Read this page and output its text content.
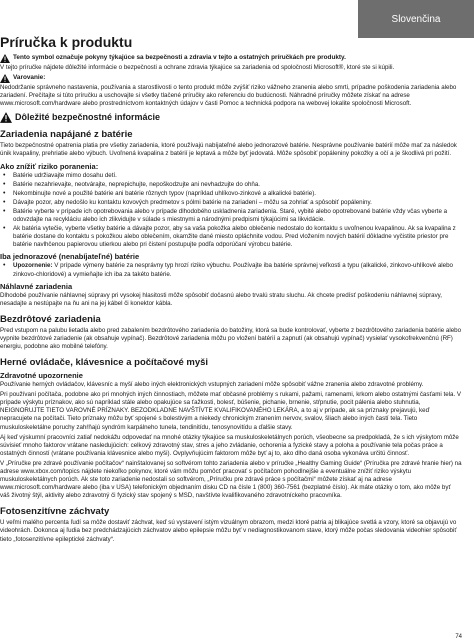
Slovenčina
Príručka k produktu
Tento symbol označuje pokyny týkajúce sa bezpečnosti a zdravia v tejto a ostatných príručkách pre produkty.

V tejto príručke nájdete dôležité informácie o bezpečnosti a ochrane zdravia týkajúce sa zariadenia od spoločnosti Microsoft®, ktoré ste si kúpili.

Varovanie:

Nedodržanie správneho nastavenia, používania a starostlivosti o tento produkt môže zvýšiť riziko vážneho zranenia alebo smrti, prípadne poškodenia zariadenia alebo zariadení. Prečítajte si túto príručku a uschovajte si všetky tlačené príručky ako referenciu do budúcnosti. Náhradné príručky môžete získať na adrese www.microsoft.com/hardware alebo prostredníctvom kontaktných údajov v časti Pomoc a technická podpora na webovej lokalite spoločnosti Microsoft.

Dôležité bezpečnostné informácie
Zariadenia napájané z batérie

Tieto bezpečnostné opatrenia platia pre všetky zariadenia, ktoré používajú nabíjateľné alebo jednorazové batérie. Nesprávne používanie batérií môže mať za následok únik kvapaliny, prehriatie alebo výbuch. Uvoľnená kvapalina z batérií je leptavá a môže byť jedovatá. Môže spôsobiť popáleniny pokožky a očí a je škodlivá pri požití.

Ako znížiť riziko poranenia:
• Batérie udržiavajte mimo dosahu detí.
• Batérie nezahrievajte, neotvárajte, neprepichujte, nepoškodzujte ani nevhadzujte do ohňa.
• Nekombinujte nové a použité batérie ani batérie rôznych typov (napríklad uhlíkovo-zinkové a alkalické batérie).
• Dávajte pozor, aby nedošlo ku kontaktu kovových predmetov s pólmi batérie na zariadení – môžu sa zohriať a spôsobiť popáleniny.
• Batérie vyberte v prípade ich opotrebovania alebo v prípade dlhodobého uskladnenia zariadenia. Staré, vybité alebo opotrebované batérie vždy včas vyberte a odovzdajte na recykláciu alebo ich zlikvidujte v súlade s miestnymi a národnými predpismi týkajúcimi sa likvidácie.
• Ak batéria vytečie, vyberte všetky batérie a dávajte pozor, aby sa vaša pokožka alebo oblečenie nedostalo do kontaktu s uvoľnenou kvapalinou. Ak sa kvapalina z batérie dostane do kontaktu s pokožkou alebo oblečením, okamžite dané miesto opláchnite vodou. Pred vložením nových batérií dôkladne vyčistite priestor pre batérie navlhčenou papierovou utierkou alebo pri čistení postupujte podľa odporúčaní výrobcu batérie.
Iba jednorazové (nenabíjateľné) batérie
• Upozornenie: V prípade výmeny batérie za nesprávny typ hrozí riziko výbuchu. Používajte iba batérie správnej veľkosti a typu (alkalické, zinkovo-uhlíkové alebo zinkovo-chloridové) a vymieňajte ich iba za takéto batérie.
Náhlavné zariadenia

Dlhodobé používanie náhlavnej súpravy pri vysokej hlasitosti môže spôsobiť dočasnú alebo trvalú stratu sluchu. Ak chcete predísť poškodeniu náhlavnej súpravy, nesadajte a nestúpajte na ňu ani na jej kábel či konektor kábla.

Bezdrôtové zariadenia

Pred vstupom na palubu lietadla alebo pred zabalením bezdrôtového zariadenia do batožiny, ktorá sa bude kontrolovať, vyberte z bezdrôtového zariadenia batérie alebo vypnite bezdrôtové zariadenie (ak obsahuje vypínač). Bezdrôtové zariadenia môžu po vložení batérií a zapnutí (ak obsahujú vypínač) vysielať vysokofrekvenčnú (RF) energiu, podobne ako mobilné telefóny.

Herné ovládače, klávesnice a počítačové myši
Zdravotné upozornenie

Používanie herných ovládačov, klávesníc a myší alebo iných elektronických vstupných zariadení môže spôsobiť vážne zranenia alebo zdravotné problémy.

Pri používaní počítača, podobne ako pri mnohých iných činnostiach, môžete mať občasné problémy s rukami, pažami, ramenami, krkom alebo ostatnými časťami tela. V prípade výskytu príznakov, ako sú napríklad stále alebo opakujúce sa ťažkosti, bolesť, búšenie, pichanie, brnenie, stŕpnutie, pocit pálenia alebo stuhnutia, NEIGNORUJTE TIETO VAROVNÉ PRÍZNAKY. BEZODKLADNE NAVŠTÍVTE KVALIFIKOVANÉHO LEKÁRA, a to aj v prípade, ak sa príznaky prejavujú, keď nepracujete na počítači. Tieto príznaky môžu byť spojené s bolestivým a niekedy chronickým zranením nervov, svalov, šliach alebo iných častí tela. Tieto muskuloskeletálne poruchy zahŕňajú syndróm karpálneho tunela, tendinitídu, tenosynovitídu a ďalšie stavy.

Aj keď výskumní pracovníci zatiaľ nedokážu odpovedať na mnohé otázky týkajúce sa muskuloskeletálnych porúch, všeobecne sa predpokladá, že s ich výskytom môže súvisieť mnoho faktorov vrátane nasledujúcich: celkový zdravotný stav, stres a jeho zvládanie, ochorenia a fyzické stavy a poloha a používanie tela počas práce a ostatných činností (vrátane používania klávesnice alebo myši). Ovplyvňujúcim faktorom môže byť aj to, ako dlho daná osoba vykonáva určitú činnosť.

V „Príručke pre zdravé používanie počítačov“ nainštalovanej so softvérom tohto zariadenia alebo v príručke „Healthy Gaming Guide“ (Príručka pre zdravé hranie hier) na adrese www.xbox.com/topics nájdete niekoľko pokynov, ktoré vám môžu pomôcť pracovať s počítačom pohodlnejšie a eventuálne znížiť riziko výskytu muskuloskeletálnych porúch. Ak ste toto zariadenie nedostali so softvérom, „Príručku pre zdravé práce s počítačmi“ môžete získať aj na adrese www.microsoft.com/hardware alebo (iba v USA) telefonickým objednaním disku CD na čísle 1 (800) 360-7561 (bezplatné číslo). Ak máte otázky o tom, ako môže byť váš životný štýl, aktivity alebo zdravotný či fyzický stav spojený s MSD, navštívte kvalifikovaného zdravotníckeho pracovníka.

Fotosenzitívne záchvaty

U veľmi malého percenta ľudí sa môže dostaviť záchvat, keď sú vystavení istým vizuálnym obrazom, medzi ktoré patria aj blikajúce svetlá a vzory, ktoré sa objavujú vo videohrách. Dokonca aj ľudia bez predchádzajúcich záchvatov alebo epilepsie môžu byť v nediagnostikovanom stave, ktorý môže počas sledovania videohier spôsobiť tieto „fotosenzitívne epileptické záchvaty“.

74
